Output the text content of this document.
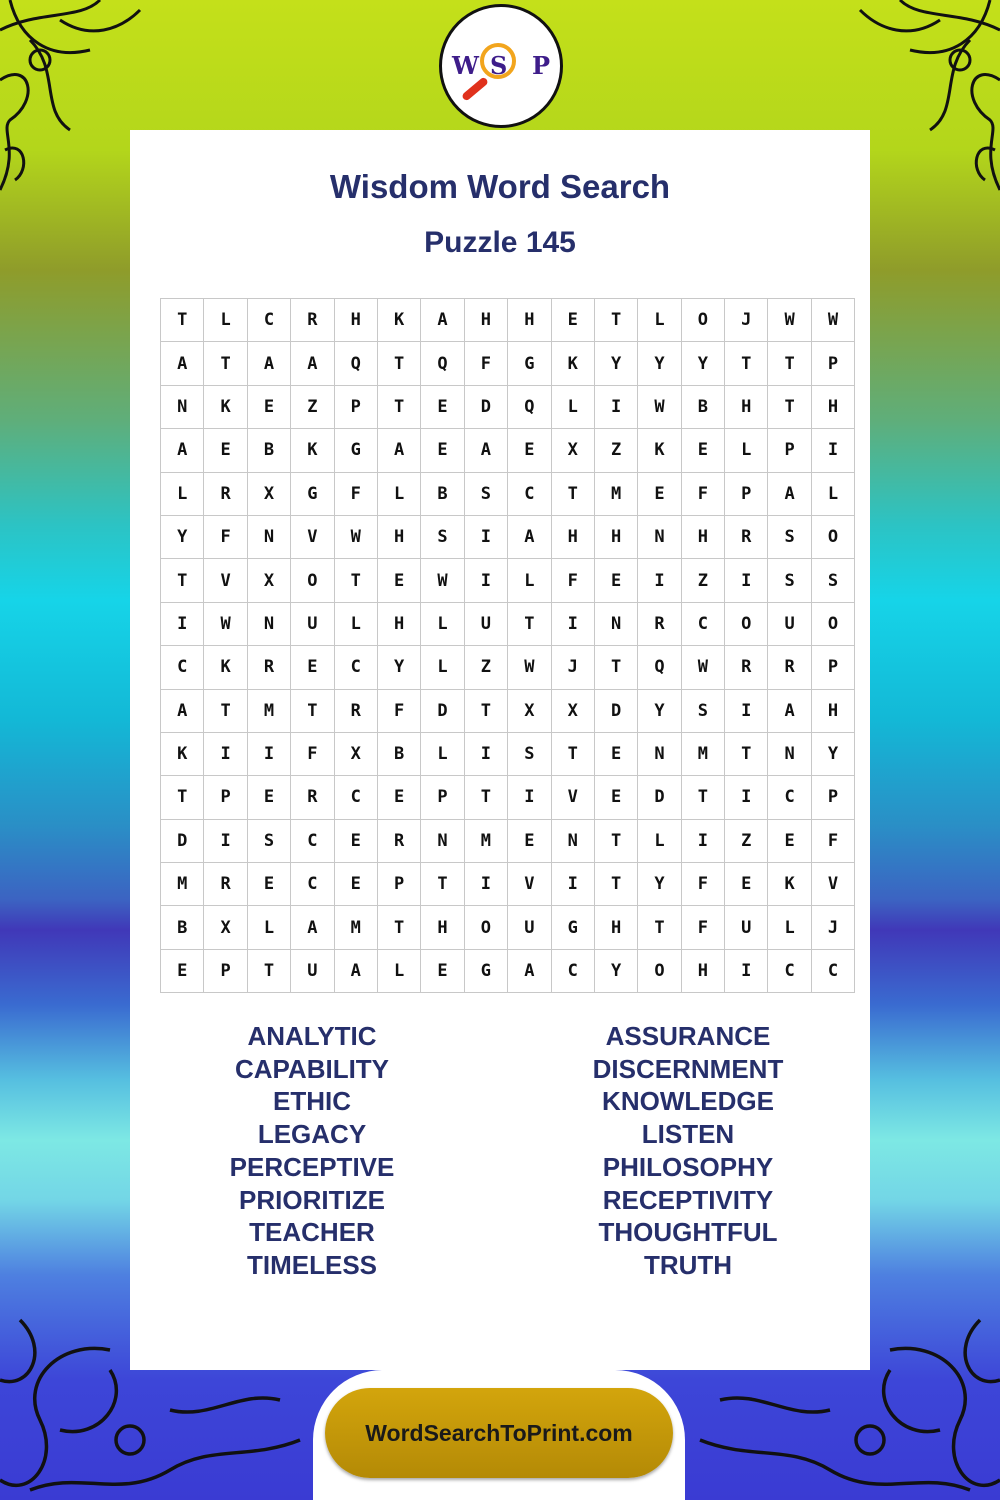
W S P
Wisdom Word Search
Puzzle 145
T	L	C	R	H	K	A	H	H	E	T	L	O	J	W	W
A	T	A	A	Q	T	Q	F	G	K	Y	Y	Y	T	T	P
N	K	E	Z	P	T	E	D	Q	L	I	W	B	H	T	H
A	E	B	K	G	A	E	A	E	X	Z	K	E	L	P	I
L	R	X	G	F	L	B	S	C	T	M	E	F	P	A	L
Y	F	N	V	W	H	S	I	A	H	H	N	H	R	S	O
T	V	X	O	T	E	W	I	L	F	E	I	Z	I	S	S
I	W	N	U	L	H	L	U	T	I	N	R	C	O	U	O
C	K	R	E	C	Y	L	Z	W	J	T	Q	W	R	R	P
A	T	M	T	R	F	D	T	X	X	D	Y	S	I	A	H
K	I	I	F	X	B	L	I	S	T	E	N	M	T	N	Y
T	P	E	R	C	E	P	T	I	V	E	D	T	I	C	P
D	I	S	C	E	R	N	M	E	N	T	L	I	Z	E	F
M	R	E	C	E	P	T	I	V	I	T	Y	F	E	K	V
B	X	L	A	M	T	H	O	U	G	H	T	F	U	L	J
E	P	T	U	A	L	E	G	A	C	Y	O	H	I	C	C
ANALYTIC
CAPABILITY
ETHIC
LEGACY
PERCEPTIVE
PRIORITIZE
TEACHER
TIMELESS
ASSURANCE
DISCERNMENT
KNOWLEDGE
LISTEN
PHILOSOPHY
RECEPTIVITY
THOUGHTFUL
TRUTH
WordSearchToPrint.com
